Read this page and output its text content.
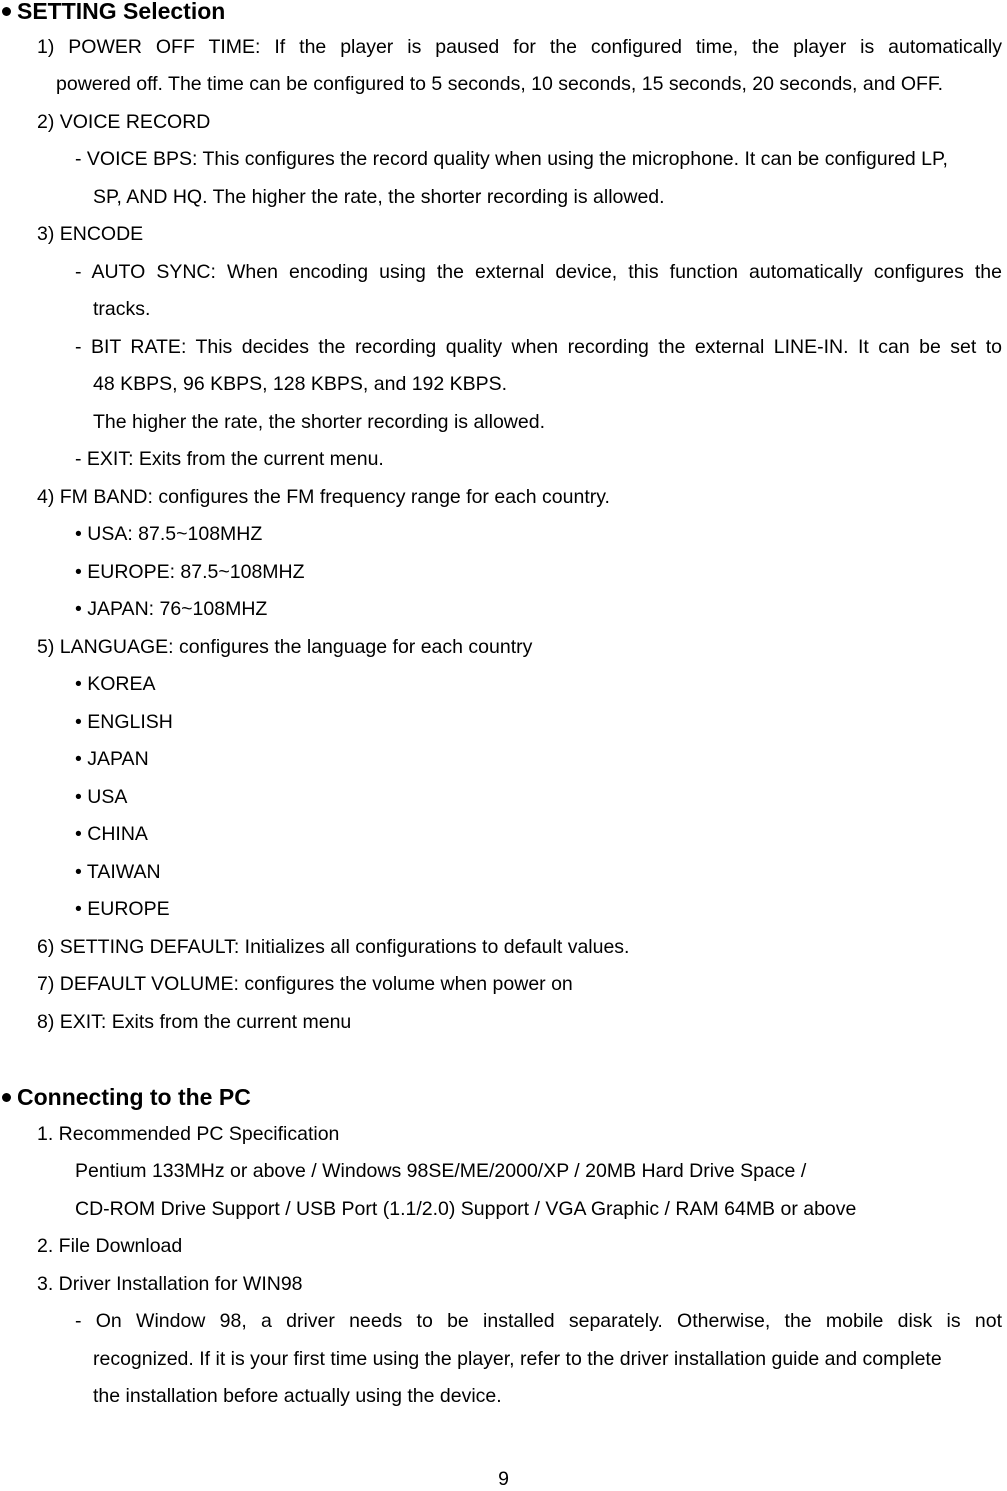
SETTING Selection
1) POWER OFF TIME: If the player is paused for the configured time, the player is automatically
powered off. The time can be configured to 5 seconds, 10 seconds, 15 seconds, 20 seconds, and OFF.
2) VOICE RECORD
- VOICE BPS: This configures the record quality when using the microphone. It can be configured LP,
SP, AND HQ. The higher the rate, the shorter recording is allowed.
3) ENCODE
- AUTO SYNC: When encoding using the external device, this function automatically configures the
tracks.
- BIT RATE: This decides the recording quality when recording the external LINE-IN. It can be set to
48 KBPS, 96 KBPS, 128 KBPS, and 192 KBPS.
The higher the rate, the shorter recording is allowed.
- EXIT: Exits from the current menu.
4) FM BAND: configures the FM frequency range for each country.
• USA: 87.5~108MHZ
• EUROPE: 87.5~108MHZ
• JAPAN: 76~108MHZ
5) LANGUAGE: configures the language for each country
• KOREA
• ENGLISH
• JAPAN
• USA
• CHINA
• TAIWAN
• EUROPE
6) SETTING DEFAULT: Initializes all configurations to default values.
7) DEFAULT VOLUME: configures the volume when power on
8) EXIT: Exits from the current menu
Connecting to the PC
1. Recommended PC Specification
Pentium 133MHz or above / Windows 98SE/ME/2000/XP / 20MB Hard Drive Space /
CD-ROM Drive Support / USB Port (1.1/2.0) Support / VGA Graphic / RAM 64MB or above
2. File Download
3. Driver Installation for WIN98
- On Window 98, a driver needs to be installed separately. Otherwise, the mobile disk is not
recognized. If it is your first time using the player, refer to the driver installation guide and complete
the installation before actually using the device.
9
